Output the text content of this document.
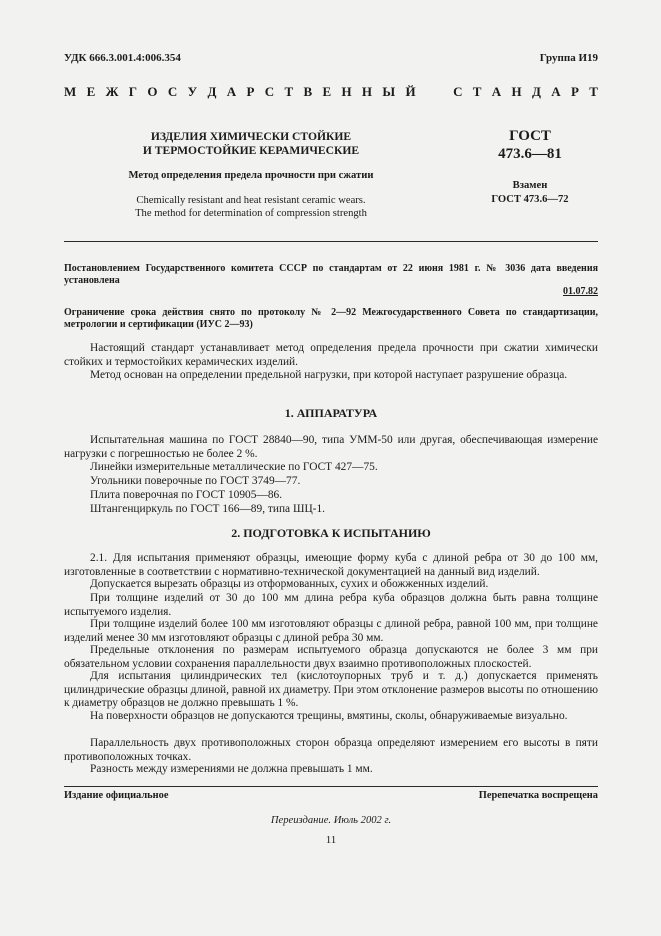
УДК 666.3.001.4:006.354	Группа И19
М Е Ж Г О С У Д А Р С Т В Е Н Н Ы Й

	С Т А Н Д А Р Т
ИЗДЕЛИЯ ХИМИЧЕСКИ СТОЙКИЕ
И ТЕРМОСТОЙКИЕ КЕРАМИЧЕСКИЕ
Метод определения предела прочности при сжатии
Chemically resistant and heat resistant ceramic wears.
The method for determination of compression strength
ГОСТ
473.6—81
Взамен
ГОСТ 473.6—72
Постановлением Государственного комитета СССР по стандартам от 22 июня 1981 г. № 3036 дата введения установлена
01.07.82
Ограничение срока действия снято по протоколу № 2—92 Межгосударственного Совета по стандартизации, метрологии и сертификации (ИУС 2—93)
Настоящий стандарт устанавливает метод определения предела прочности при сжатии химически стойких и термостойких керамических изделий.
Метод основан на определении предельной нагрузки, при которой наступает разрушение образца.
1. АППАРАТУРА
Испытательная машина по ГОСТ 28840—90, типа УММ-50 или другая, обеспечивающая измерение нагрузки с погрешностью не более 2 %.
Линейки измерительные металлические по ГОСТ 427—75.
Угольники поверочные по ГОСТ 3749—77.
Плита поверочная по ГОСТ 10905—86.
Штангенциркуль по ГОСТ 166—89, типа ШЦ-1.
2. ПОДГОТОВКА К ИСПЫТАНИЮ
2.1. Для испытания применяют образцы, имеющие форму куба с длиной ребра от 30 до 100 мм, изготовленные в соответствии с нормативно-технической документацией на данный вид изделий.
Допускается вырезать образцы из отформованных, сухих и обожженных изделий.
При толщине изделий от 30 до 100 мм длина ребра куба образцов должна быть равна толщине испытуемого изделия.
При толщине изделий более 100 мм изготовляют образцы с длиной ребра, равной 100 мм, при толщине изделий менее 30 мм изготовляют образцы с длиной ребра 30 мм.
Предельные отклонения по размерам испытуемого образца допускаются не более 3 мм при обязательном условии сохранения параллельности двух взаимно противоположных плоскостей.
Для испытания цилиндрических тел (кислотоупорных труб и т. д.) допускается применять цилиндрические образцы длиной, равной их диаметру. При этом отклонение размеров высоты по отношению к диаметру образцов не должно превышать 1 %.
На поверхности образцов не допускаются трещины, вмятины, сколы, обнаруживаемые визуально.
Параллельность двух противоположных сторон образца определяют измерением его высоты в пяти противоположных точках.
Разность между измерениями не должна превышать 1 мм.
Издание официальное	Перепечатка воспрещена
Переиздание. Июль 2002 г.
11
